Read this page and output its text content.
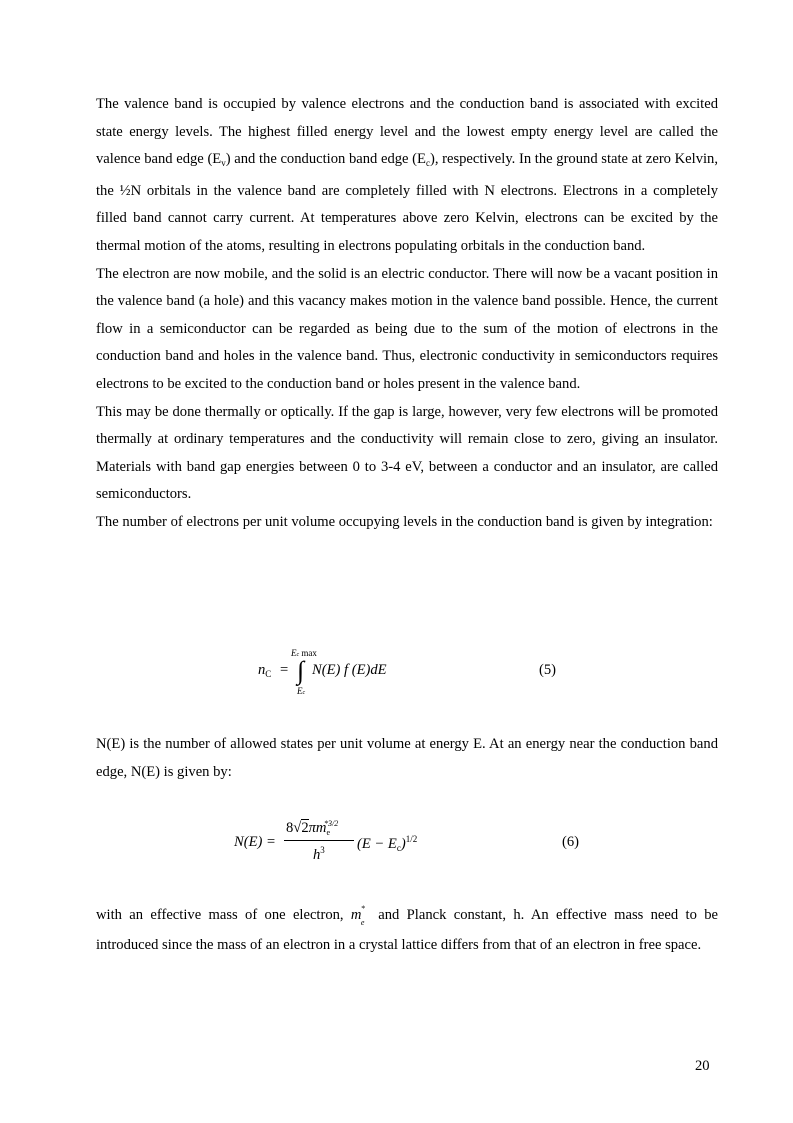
The valence band is occupied by valence electrons and the conduction band is associated with excited state energy levels. The highest filled energy level and the lowest empty energy level are called the valence band edge $(E_v)$ and the conduction band edge $(E_c)$, respectively. In the ground state at zero Kelvin, the ½N orbitals in the valence band are completely filled with N electrons. Electrons in a completely filled band cannot carry current. At temperatures above zero Kelvin, electrons can be excited by the thermal motion of the atoms, resulting in electrons populating orbitals in the conduction band.

The electron are now mobile, and the solid is an electric conductor. There will now be a vacant position in the valence band (a hole) and this vacancy makes motion in the valence band possible. Hence, the current flow in a semiconductor can be regarded as being due to the sum of the motion of electrons in the conduction band and holes in the valence band. Thus, electronic conductivity in semiconductors requires electrons to be excited to the conduction band or holes present in the valence band.

This may be done thermally or optically. If the gap is large, however, very few electrons will be promoted thermally at ordinary temperatures and the conductivity will remain close to zero, giving an insulator. Materials with band gap energies between 0 to 3-4 eV, between a conductor and an insulator, are called semiconductors.

The number of electrons per unit volume occupying levels in the conduction band is given by integration:

$n_C$ =
Ec max
∫
Ec
N(E) f (E)dE	(5)

N(E) is the number of allowed states per unit volume at energy E. At an energy near the conduction band edge, N(E) is given by:

N(E) =
$8√2\pi m_e^{*3/2}$
$h^3$ $(E - E_c)^{1/2}$	(6)

with an effective mass of one electron, m e
* and Planck constant, h. An effective mass need to be introduced since the mass of an electron in a crystal lattice differs from that of an electron in free space.

20
